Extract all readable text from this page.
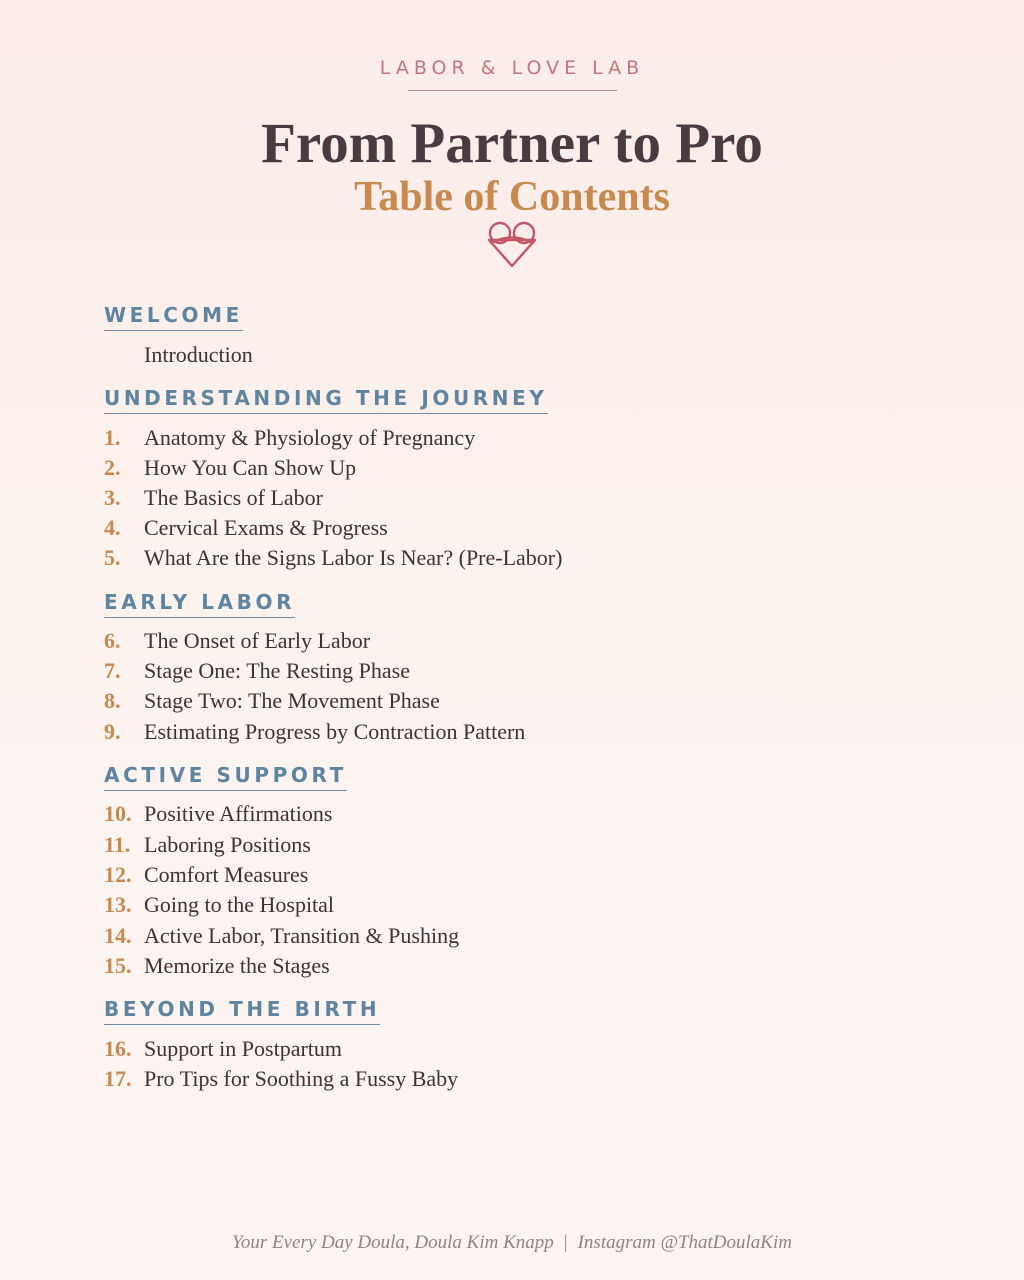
LABOR & LOVE LAB
From Partner to Pro
Table of Contents
WELCOME
Introduction
UNDERSTANDING THE JOURNEY
1. Anatomy & Physiology of Pregnancy
2. How You Can Show Up
3. The Basics of Labor
4. Cervical Exams & Progress
5. What Are the Signs Labor Is Near? (Pre-Labor)
EARLY LABOR
6. The Onset of Early Labor
7. Stage One: The Resting Phase
8. Stage Two: The Movement Phase
9. Estimating Progress by Contraction Pattern
ACTIVE SUPPORT
10. Positive Affirmations
11. Laboring Positions
12. Comfort Measures
13. Going to the Hospital
14. Active Labor, Transition & Pushing
15. Memorize the Stages
BEYOND THE BIRTH
16. Support in Postpartum
17. Pro Tips for Soothing a Fussy Baby
Your Every Day Doula, Doula Kim Knapp | Instagram @ThatDoulaKim
